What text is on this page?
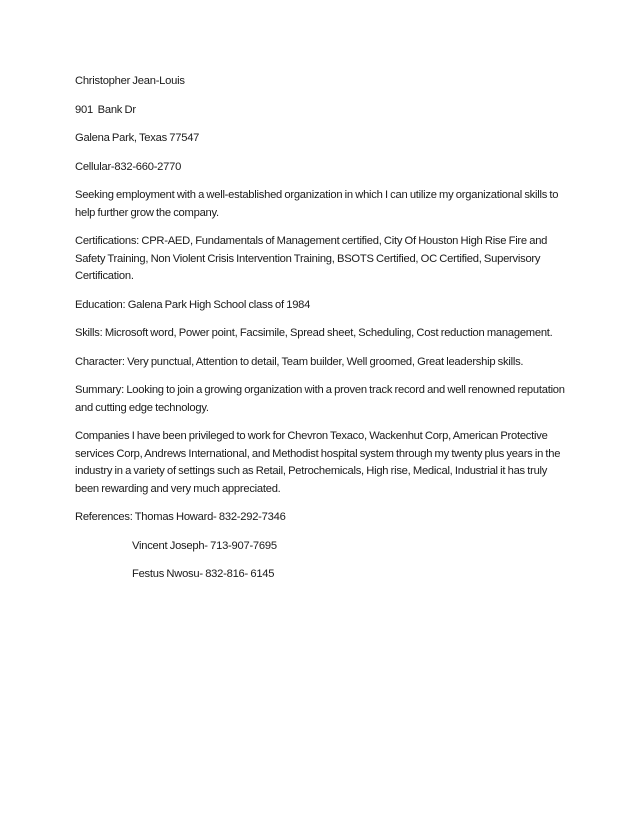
Christopher Jean-Louis

901  Bank Dr

Galena Park, Texas 77547

Cellular-832-660-2770

Seeking employment with a well-established organization in which I can utilize my organizational skills to help further grow the company.

Certifications: CPR-AED, Fundamentals of Management certified, City Of Houston High Rise Fire and Safety Training, Non Violent Crisis Intervention Training, BSOTS Certified, OC Certified, Supervisory Certification.

Education: Galena Park High School class of 1984

Skills: Microsoft word, Power point, Facsimile, Spread sheet, Scheduling, Cost reduction management.

Character: Very punctual, Attention to detail, Team builder, Well groomed, Great leadership skills.

Summary: Looking to join a growing organization with a proven track record and well renowned reputation and cutting edge technology.

Companies I have been privileged to work for Chevron Texaco, Wackenhut Corp, American Protective services Corp, Andrews International, and Methodist hospital system through my twenty plus years in the industry in a variety of settings such as Retail, Petrochemicals, High rise, Medical, Industrial it has truly been rewarding and very much appreciated.

References: Thomas Howard- 832-292-7346

Vincent Joseph- 713-907-7695

Festus Nwosu- 832-816- 6145
